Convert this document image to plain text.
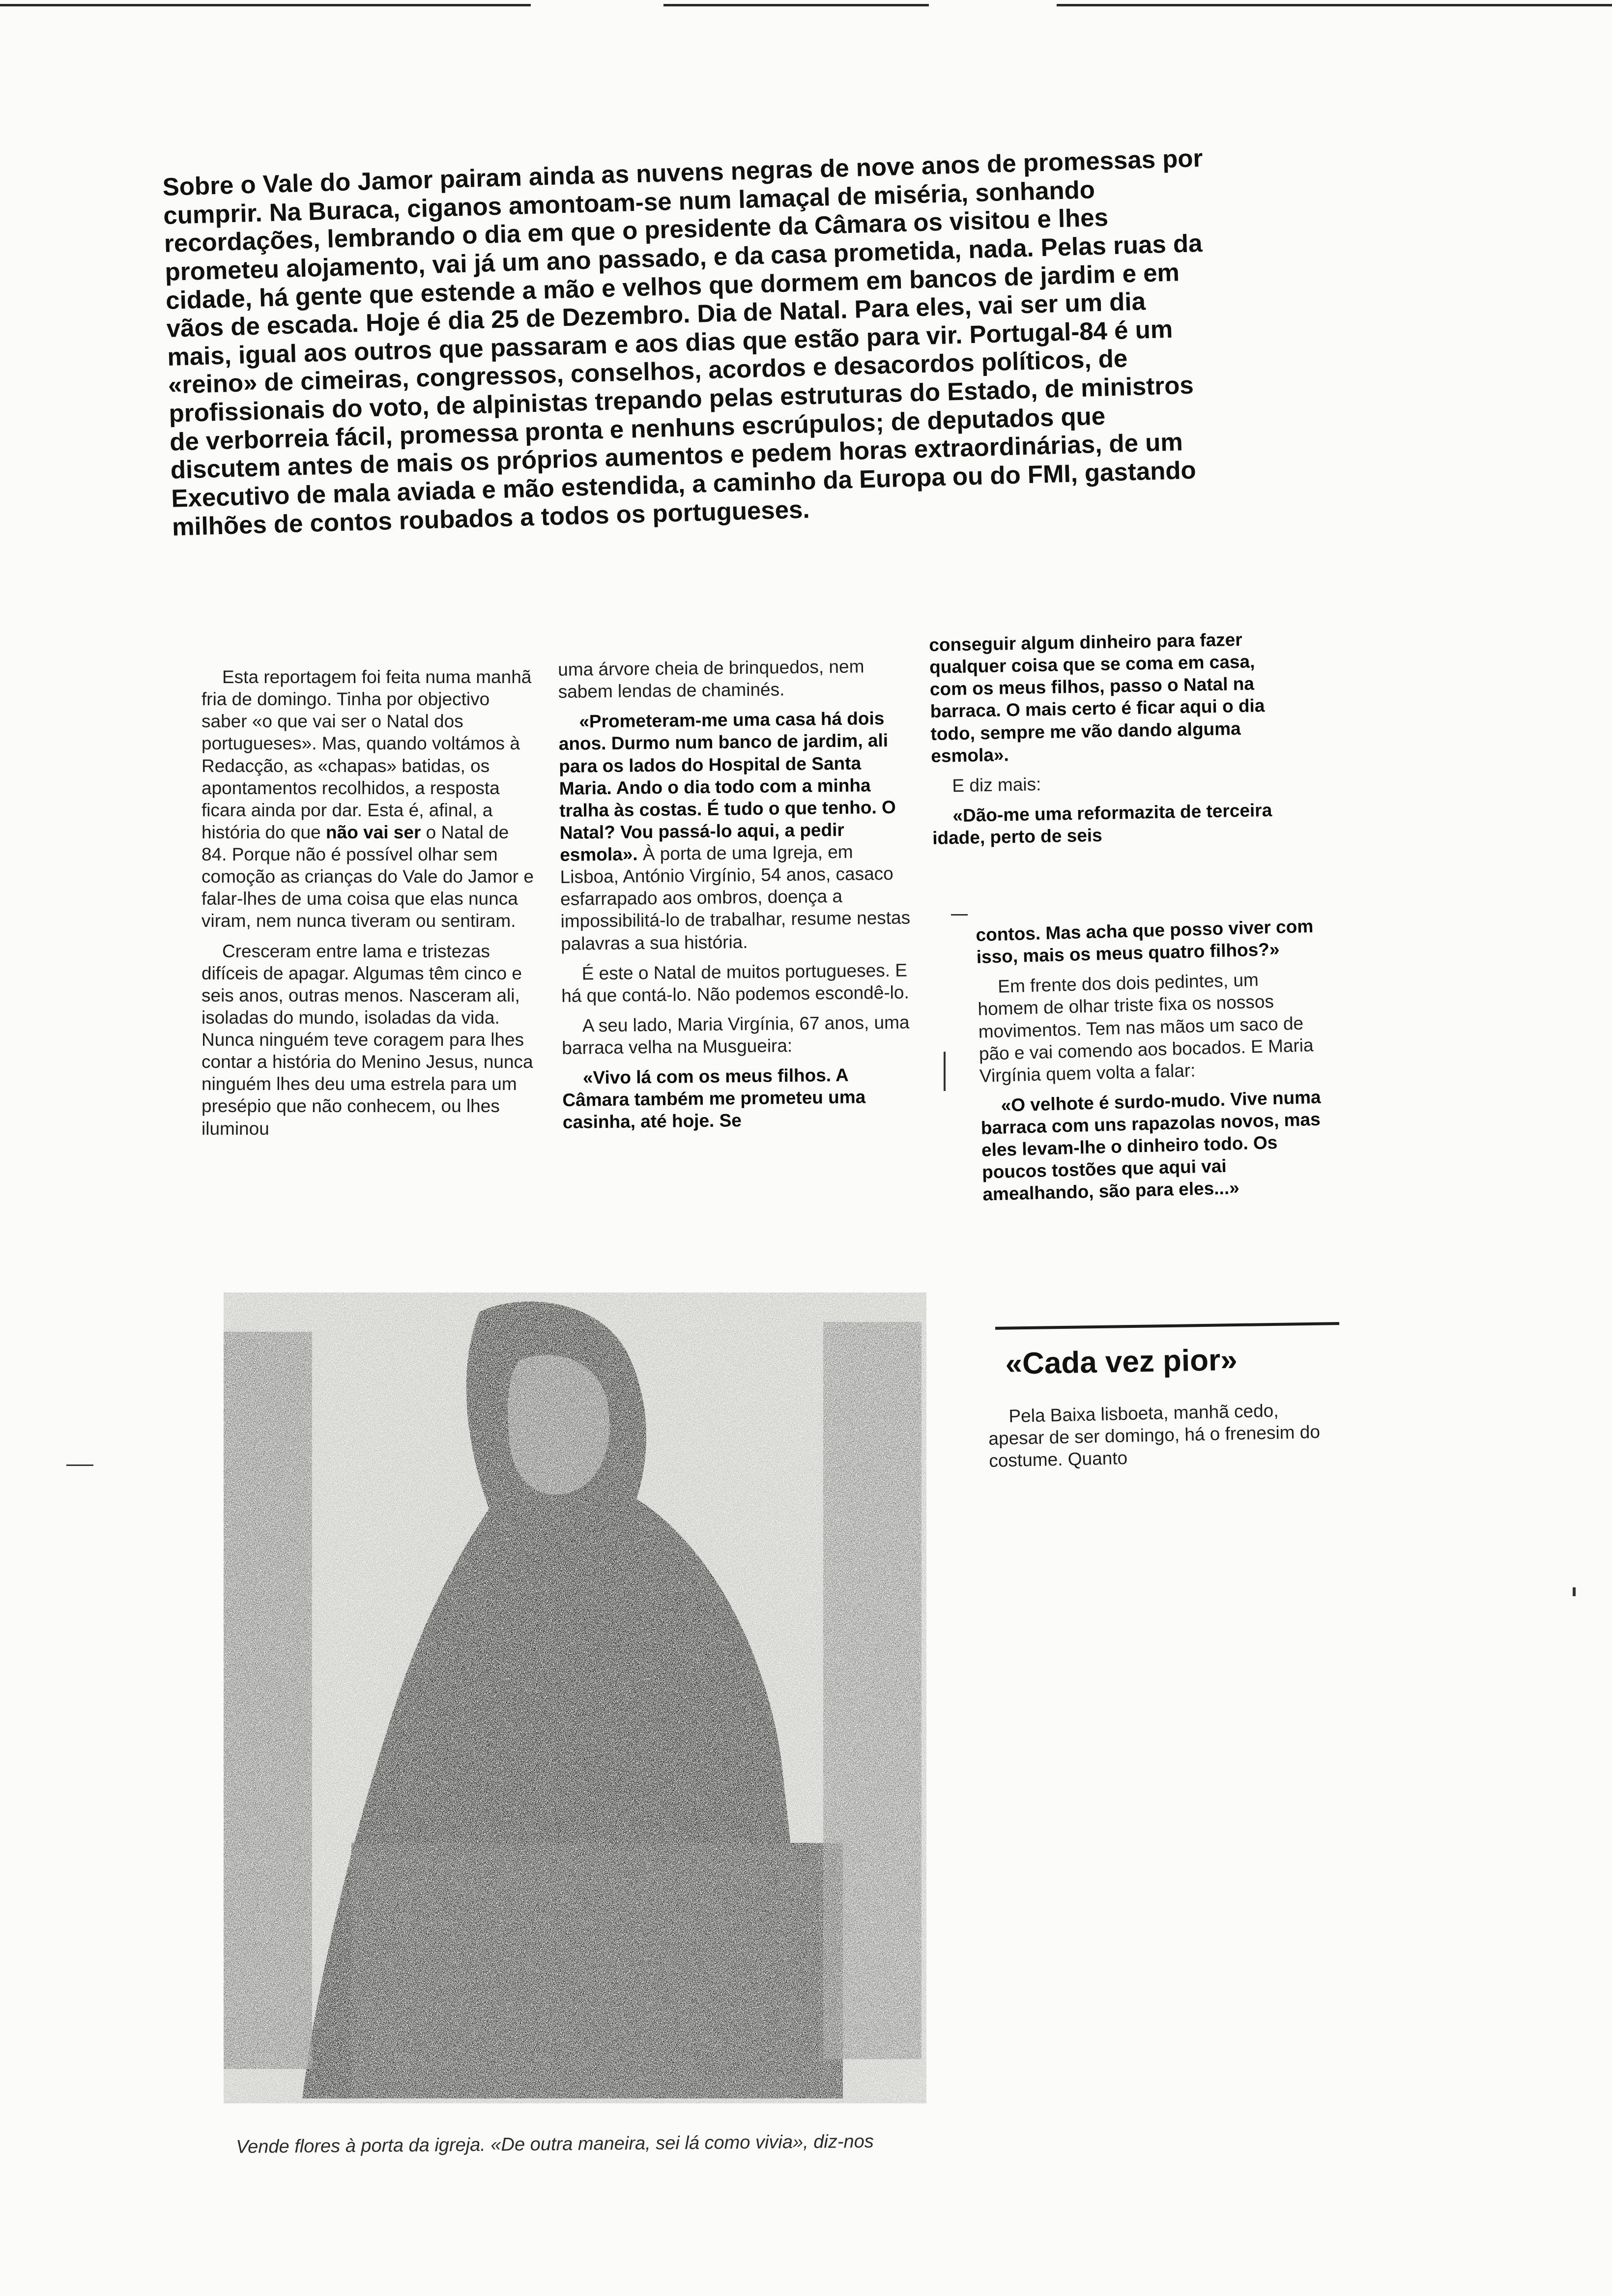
Sobre o Vale do Jamor pairam ainda as nuvens negras de nove anos de promessas por cumprir. Na Buraca, ciganos amontoam-se num lamaçal de miséria, sonhando recordações, lembrando o dia em que o presidente da Câmara os visitou e lhes prometeu alojamento, vai já um ano passado, e da casa prometida, nada. Pelas ruas da cidade, há gente que estende a mão e velhos que dormem em bancos de jardim e em vãos de escada. Hoje é dia 25 de Dezembro. Dia de Natal. Para eles, vai ser um dia mais, igual aos outros que passaram e aos dias que estão para vir. Portugal-84 é um «reino» de cimeiras, congressos, conselhos, acordos e desacordos políticos, de profissionais do voto, de alpinistas trepando pelas estruturas do Estado, de ministros de verborreia fácil, promessa pronta e nenhuns escrúpulos; de deputados que discutem antes de mais os próprios aumentos e pedem horas extraordinárias, de um Executivo de mala aviada e mão estendida, a caminho da Europa ou do FMI, gastando milhões de contos roubados a todos os portugueses.

Esta reportagem foi feita numa manhã fria de domingo. Tinha por objectivo saber «o que vai ser o Natal dos portugueses». Mas, quando voltámos à Redacção, as «chapas» batidas, os apontamentos recolhidos, a resposta ficara ainda por dar. Esta é, afinal, a história do que não vai ser o Natal de 84. Porque não é possível olhar sem comoção as crianças do Vale do Jamor e falar-lhes de uma coisa que elas nunca viram, nem nunca tiveram ou sentiram.

Cresceram entre lama e tristezas difíceis de apagar. Algumas têm cinco e seis anos, outras menos. Nasceram ali, isoladas do mundo, isoladas da vida. Nunca ninguém teve coragem para lhes contar a história do Menino Jesus, nunca ninguém lhes deu uma estrela para um presépio que não conhecem, ou lhes iluminou

uma árvore cheia de brinquedos, nem sabem lendas de chaminés.

«Prometeram-me uma casa há dois anos. Durmo num banco de jardim, ali para os lados do Hospital de Santa Maria. Ando o dia todo com a minha tralha às costas. É tudo o que tenho. O Natal? Vou passá-lo aqui, a pedir esmola». À porta de uma Igreja, em Lisboa, António Virgínio, 54 anos, casaco esfarrapado aos ombros, doença a impossibilitá-lo de trabalhar, resume nestas palavras a sua história.

É este o Natal de muitos portugueses. E há que contá-lo. Não podemos escondê-lo.

A seu lado, Maria Virgínia, 67 anos, uma barraca velha na Musgueira:

«Vivo lá com os meus filhos. A Câmara também me prometeu uma casinha, até hoje. Se

conseguir algum dinheiro para fazer qualquer coisa que se coma em casa, com os meus filhos, passo o Natal na barraca. O mais certo é ficar aqui o dia todo, sempre me vão dando alguma esmola».

E diz mais:

«Dão-me uma reformazita de terceira idade, perto de seis

contos. Mas acha que posso viver com isso, mais os meus quatro filhos?»

Em frente dos dois pedintes, um homem de olhar triste fixa os nossos movimentos. Tem nas mãos um saco de pão e vai comendo aos bocados. E Maria Virgínia quem volta a falar:

«O velhote é surdo-mudo. Vive numa barraca com uns rapazolas novos, mas eles levam-lhe o dinheiro todo. Os poucos tostões que aqui vai amealhando, são para eles...»

«Cada vez pior»

Pela Baixa lisboeta, manhã cedo, apesar de ser domingo, há o frenesim do costume. Quanto

Vende flores à porta da igreja. «De outra maneira, sei lá como vivia», diz-nos
